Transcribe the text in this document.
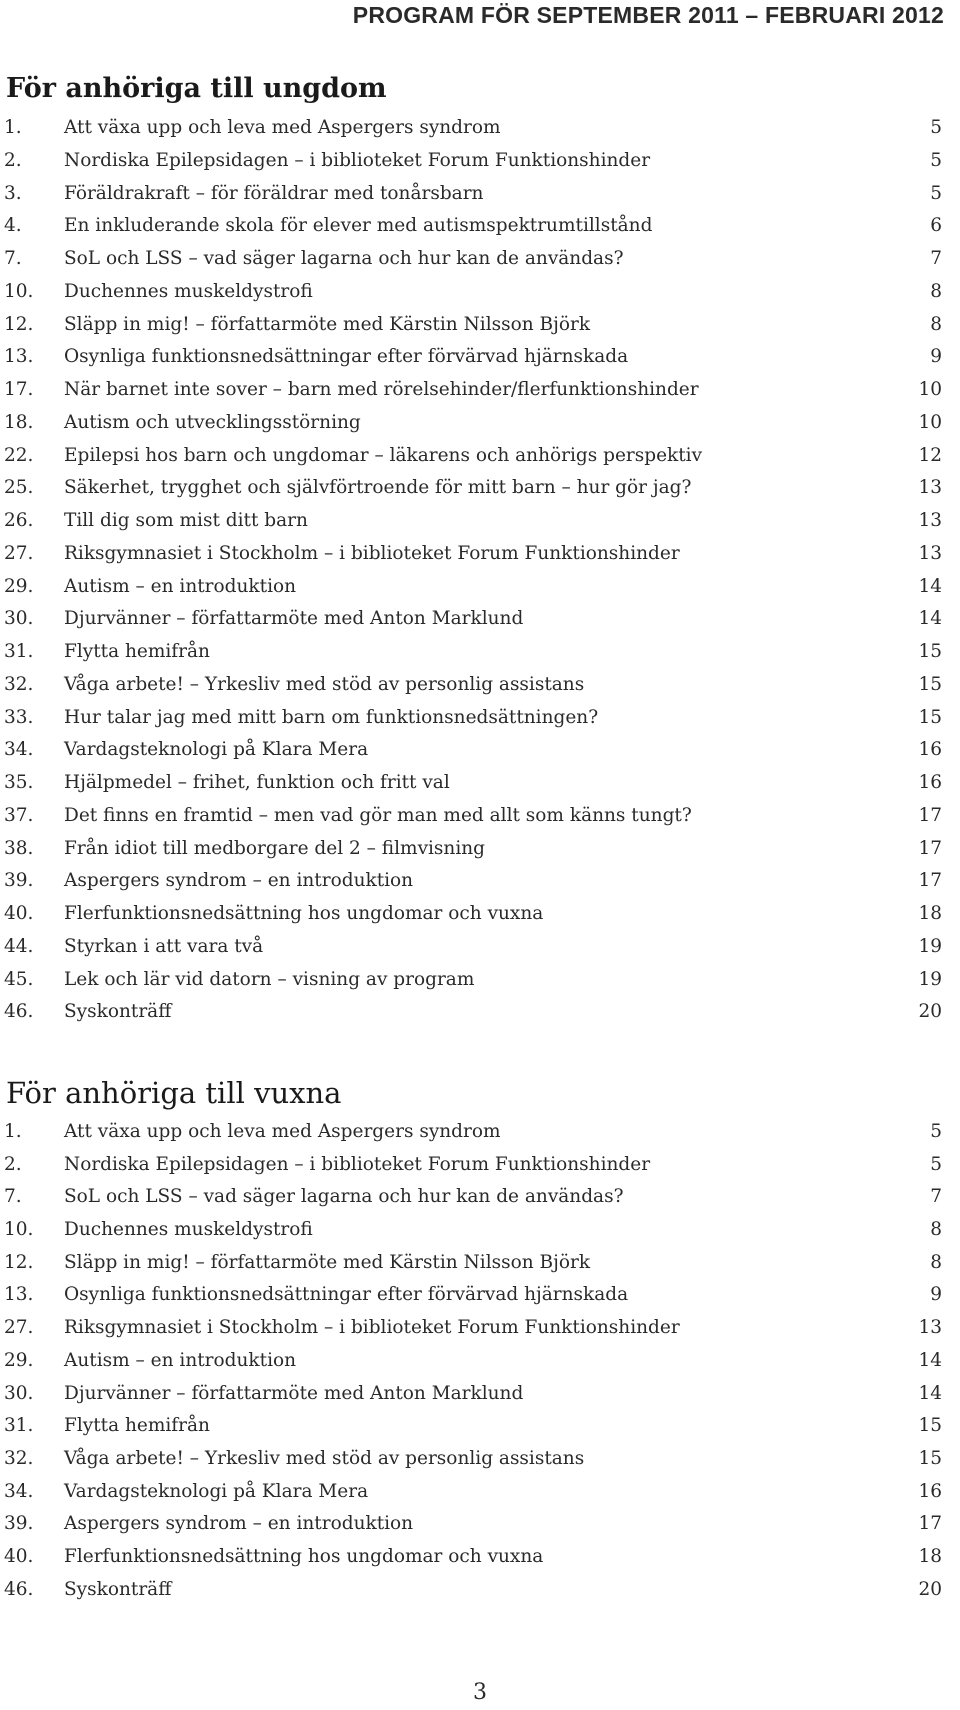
PROGRAM FÖR SEPTEMBER 2011 – FEBRUARI 2012
För anhöriga till ungdom
1. Att växa upp och leva med Aspergers syndrom	5
2. Nordiska Epilepsidagen – i biblioteket Forum Funktionshinder	5
3. Föräldrakraft – för föräldrar med tonårsbarn	5
4. En inkluderande skola för elever med autismspektrumtillstånd	6
7. SoL och LSS – vad säger lagarna och hur kan de användas?	7
10. Duchennes muskeldystrofi	8
12. Släpp in mig! – författarmöte med Kärstin Nilsson Björk	8
13. Osynliga funktionsnedsättningar efter förvärvad hjärnskada	9
17. När barnet inte sover – barn med rörelsehinder/flerfunktionshinder	10
18. Autism och utvecklingsstörning	10
22. Epilepsi hos barn och ungdomar – läkarens och anhörigs perspektiv	12
25. Säkerhet, trygghet och självförtroende för mitt barn – hur gör jag?	13
26. Till dig som mist ditt barn	13
27. Riksgymnasiet i Stockholm – i biblioteket Forum Funktionshinder	13
29. Autism – en introduktion	14
30. Djurvänner – författarmöte med Anton Marklund	14
31. Flytta hemifrån	15
32. Våga arbete! – Yrkesliv med stöd av personlig assistans	15
33. Hur talar jag med mitt barn om funktionsnedsättningen?	15
34. Vardagsteknologi på Klara Mera	16
35. Hjälpmedel – frihet, funktion och fritt val	16
37. Det finns en framtid – men vad gör man med allt som känns tungt?	17
38. Från idiot till medborgare del 2 – filmvisning	17
39. Aspergers syndrom – en introduktion	17
40. Flerfunktionsnedsättning hos ungdomar och vuxna	18
44. Styrkan i att vara två	19
45. Lek och lär vid datorn – visning av program	19
46. Syskonträff	20
För anhöriga till vuxna
1. Att växa upp och leva med Aspergers syndrom	5
2. Nordiska Epilepsidagen – i biblioteket Forum Funktionshinder	5
7. SoL och LSS – vad säger lagarna och hur kan de användas?	7
10. Duchennes muskeldystrofi	8
12. Släpp in mig! – författarmöte med Kärstin Nilsson Björk	8
13. Osynliga funktionsnedsättningar efter förvärvad hjärnskada	9
27. Riksgymnasiet i Stockholm – i biblioteket Forum Funktionshinder	13
29. Autism – en introduktion	14
30. Djurvänner – författarmöte med Anton Marklund	14
31. Flytta hemifrån	15
32. Våga arbete! – Yrkesliv med stöd av personlig assistans	15
34. Vardagsteknologi på Klara Mera	16
39. Aspergers syndrom – en introduktion	17
40. Flerfunktionsnedsättning hos ungdomar och vuxna	18
46. Syskonträff	20
3
